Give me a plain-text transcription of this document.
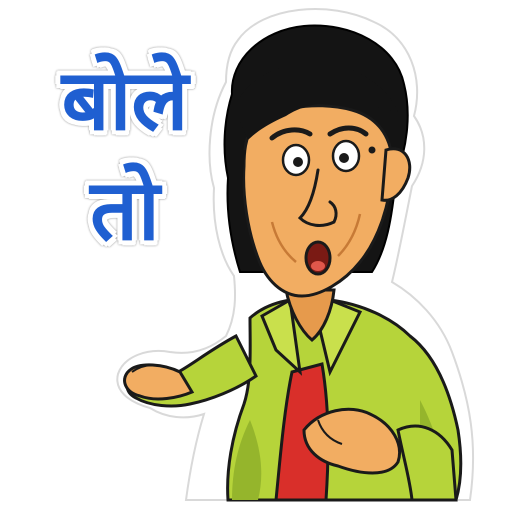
बोले
तो
